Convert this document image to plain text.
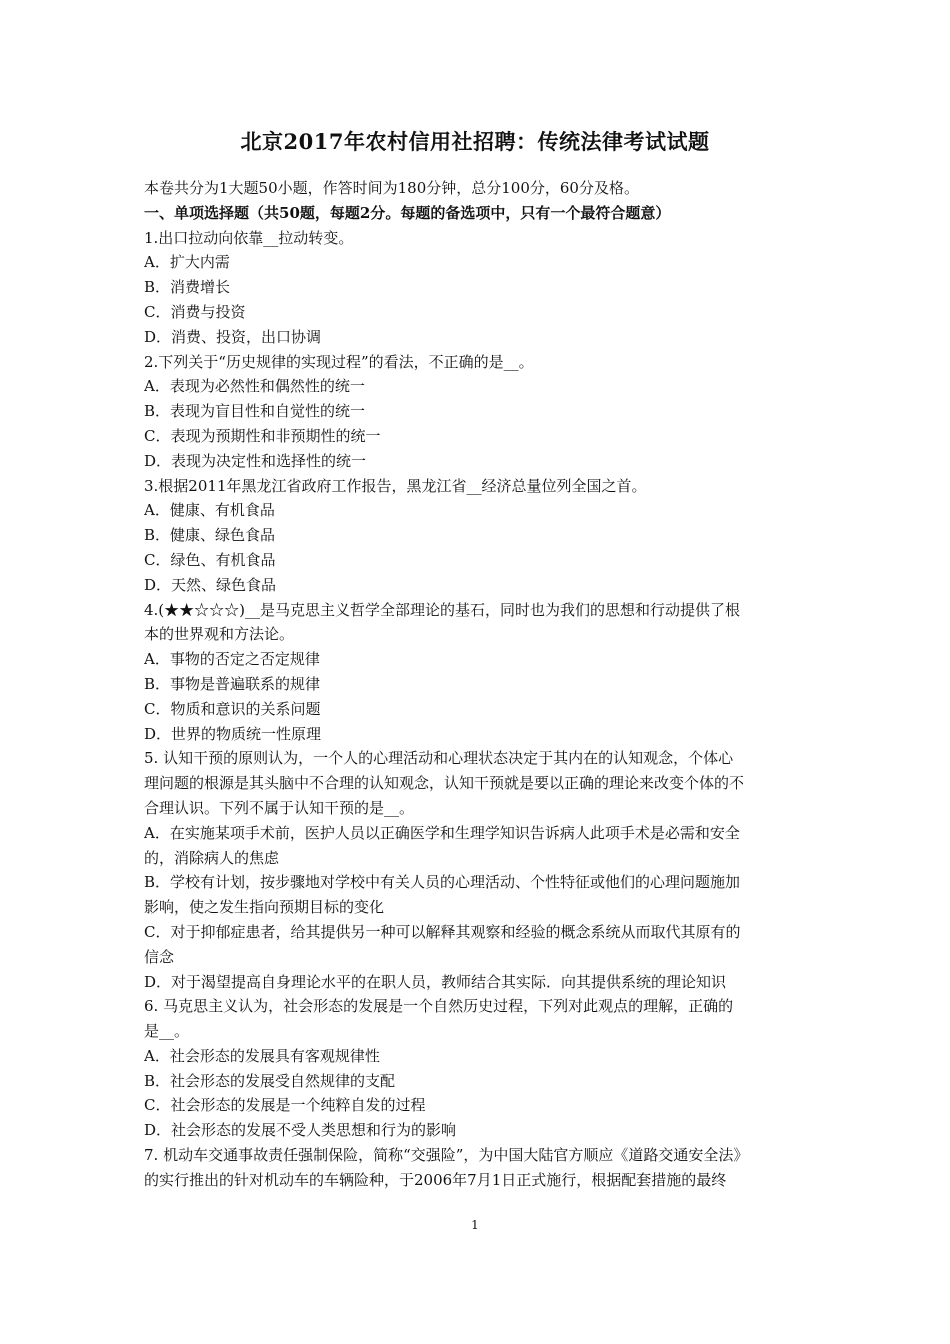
北京2017年农村信用社招聘：传统法律考试试题
本卷共分为1大题50小题，作答时间为180分钟，总分100分，60分及格。
一、单项选择题（共50题，每题2分。每题的备选项中，只有一个最符合题意）
1.出口拉动向依靠__拉动转变。
A．扩大内需
B．消费增长
C．消费与投资
D．消费、投资，出口协调
2.下列关于“历史规律的实现过程”的看法，不正确的是__。
A．表现为必然性和偶然性的统一
B．表现为盲目性和自觉性的统一
C．表现为预期性和非预期性的统一
D．表现为决定性和选择性的统一
3.根据2011年黑龙江省政府工作报告，黑龙江省__经济总量位列全国之首。
A．健康、有机食品
B．健康、绿色食品
C．绿色、有机食品
D．天然、绿色食品
4.(★★☆☆☆)__是马克思主义哲学全部理论的基石，同时也为我们的思想和行动提供了根
本的世界观和方法论。
A．事物的否定之否定规律
B．事物是普遍联系的规律
C．物质和意识的关系问题
D．世界的物质统一性原理
5. 认知干预的原则认为，一个人的心理活动和心理状态决定于其内在的认知观念，个体心
理问题的根源是其头脑中不合理的认知观念，认知干预就是要以正确的理论来改变个体的不
合理认识。下列不属于认知干预的是__。
A．在实施某项手术前，医护人员以正确医学和生理学知识告诉病人此项手术是必需和安全
的，消除病人的焦虑
B．学校有计划，按步骤地对学校中有关人员的心理活动、个性特征或他们的心理问题施加
影响，使之发生指向预期目标的变化
C．对于抑郁症患者，给其提供另一种可以解释其观察和经验的概念系统从而取代其原有的
信念
D．对于渴望提高自身理论水平的在职人员，教师结合其实际．向其提供系统的理论知识
6. 马克思主义认为，社会形态的发展是一个自然历史过程，下列对此观点的理解，正确的
是__。
A．社会形态的发展具有客观规律性
B．社会形态的发展受自然规律的支配
C．社会形态的发展是一个纯粹自发的过程
D．社会形态的发展不受人类思想和行为的影响
7. 机动车交通事故责任强制保险，简称“交强险”，为中国大陆官方顺应《道路交通安全法》
的实行推出的针对机动车的车辆险种，于2006年7月1日正式施行，根据配套措施的最终
1
